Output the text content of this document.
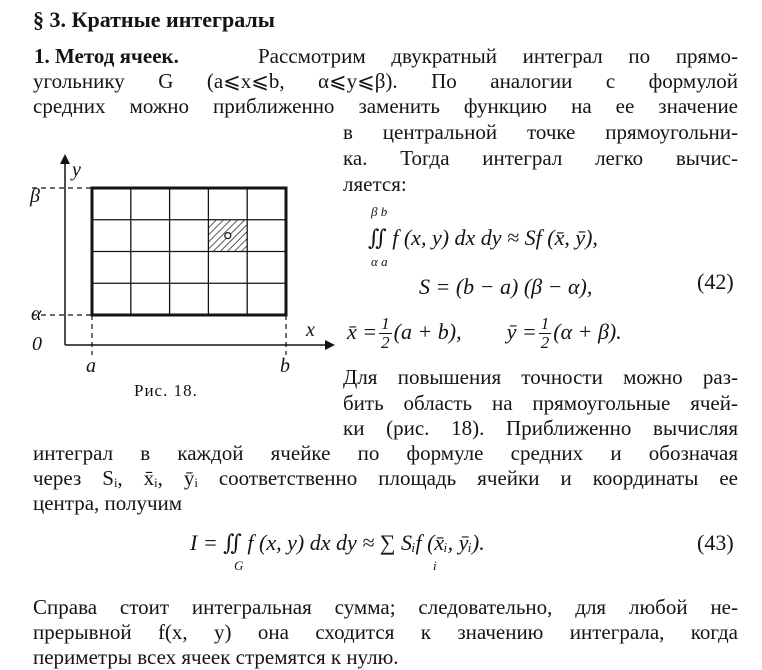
§ 3. Кратные интегралы
1. Метод ячеек.	Рассмотрим двукратный интеграл по прямо-
угольнику G (a⩽x⩽b, α⩽y⩽β). По аналогии с формулой
средних можно приближенно заменить функцию на ее значение
в центральной точке прямоугольни-
ка. Тогда интеграл легко вычис-
ляется:
y
x
β
α
0
a	b
Рис. 18.
β b
∬ f (x, y) dx dy ≈ Sf (x̄, ȳ),
α a
S = (b − a) (β − α),	(42)
x̄ = $\frac{1}{2} (a + b)$, ȳ = $\frac{1}{2} (\alpha + \beta)$.
Для повышения точности можно раз-
бить область на прямоугольные ячей-
ки (рис. 18). Приближенно вычисляя
интеграл в каждой ячейке по формуле средних и обозначая
через Sᵢ, x̄ᵢ, ȳᵢ соответственно площадь ячейки и координаты ее
центра, получим
I = ∬ f (x, y) dx dy ≈ ∑ Sᵢf (x̄ᵢ, ȳᵢ).
G	i
(43)
Справа стоит интегральная сумма; следовательно, для любой не-
прерывной f(x, y) она сходится к значению интеграла, когда
периметры всех ячеек стремятся к нулю.
